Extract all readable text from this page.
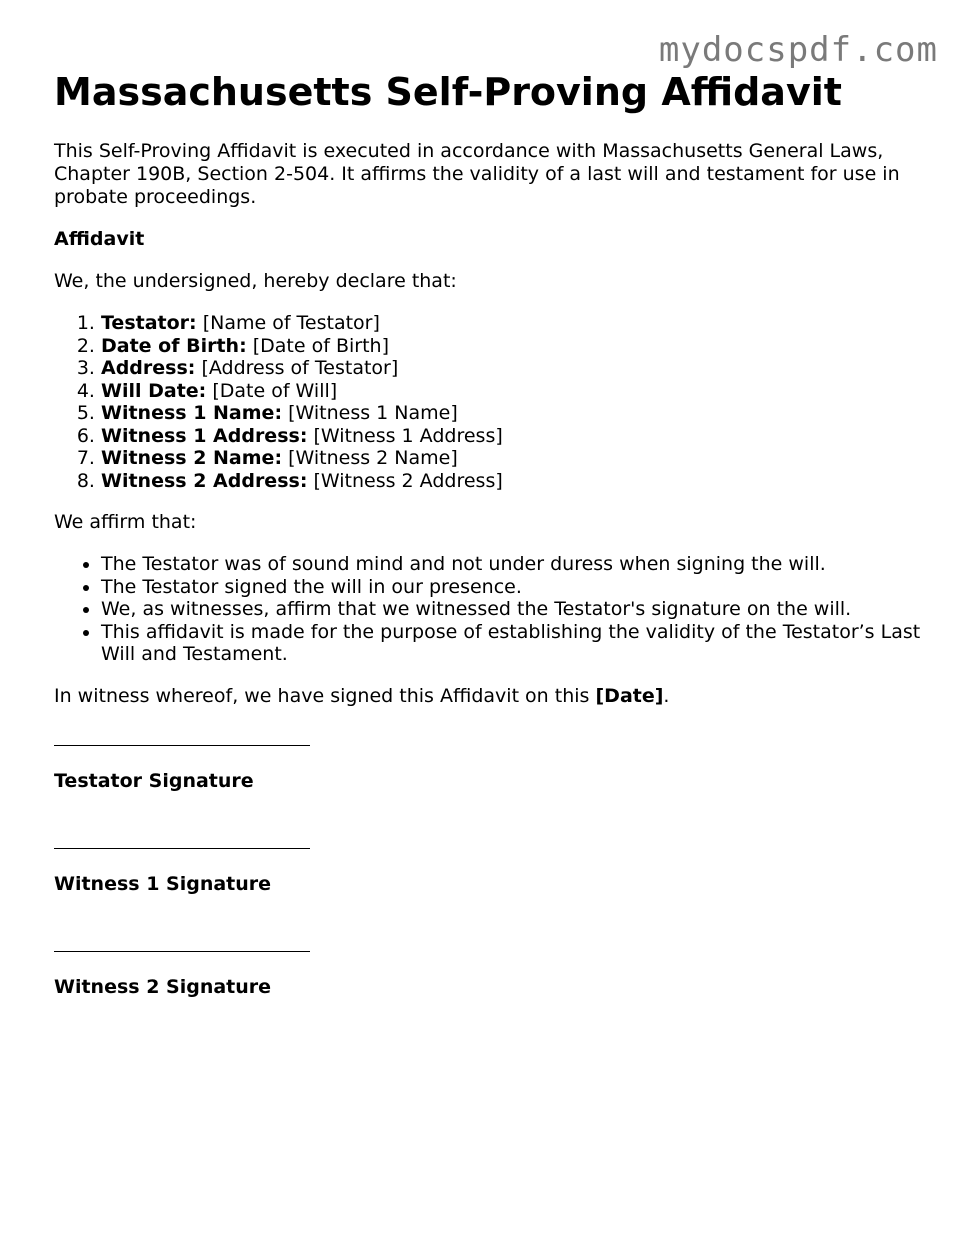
mydocspdf.com
Massachusetts Self-Proving Affidavit

This Self-Proving Affidavit is executed in accordance with Massachusetts General Laws, Chapter 190B, Section 2-504. It affirms the validity of a last will and testament for use in probate proceedings.

Affidavit

We, the undersigned, hereby declare that:

1. Testator: [Name of Testator]
2. Date of Birth: [Date of Birth]
3. Address: [Address of Testator]
4. Will Date: [Date of Will]
5. Witness 1 Name: [Witness 1 Name]
6. Witness 1 Address: [Witness 1 Address]
7. Witness 2 Name: [Witness 2 Name]
8. Witness 2 Address: [Witness 2 Address]

We affirm that:

• The Testator was of sound mind and not under duress when signing the will.
• The Testator signed the will in our presence.
• We, as witnesses, affirm that we witnessed the Testator's signature on the will.
• This affidavit is made for the purpose of establishing the validity of the Testator’s Last Will and Testament.

In witness whereof, we have signed this Affidavit on this [Date].

Testator Signature
Witness 1 Signature
Witness 2 Signature
